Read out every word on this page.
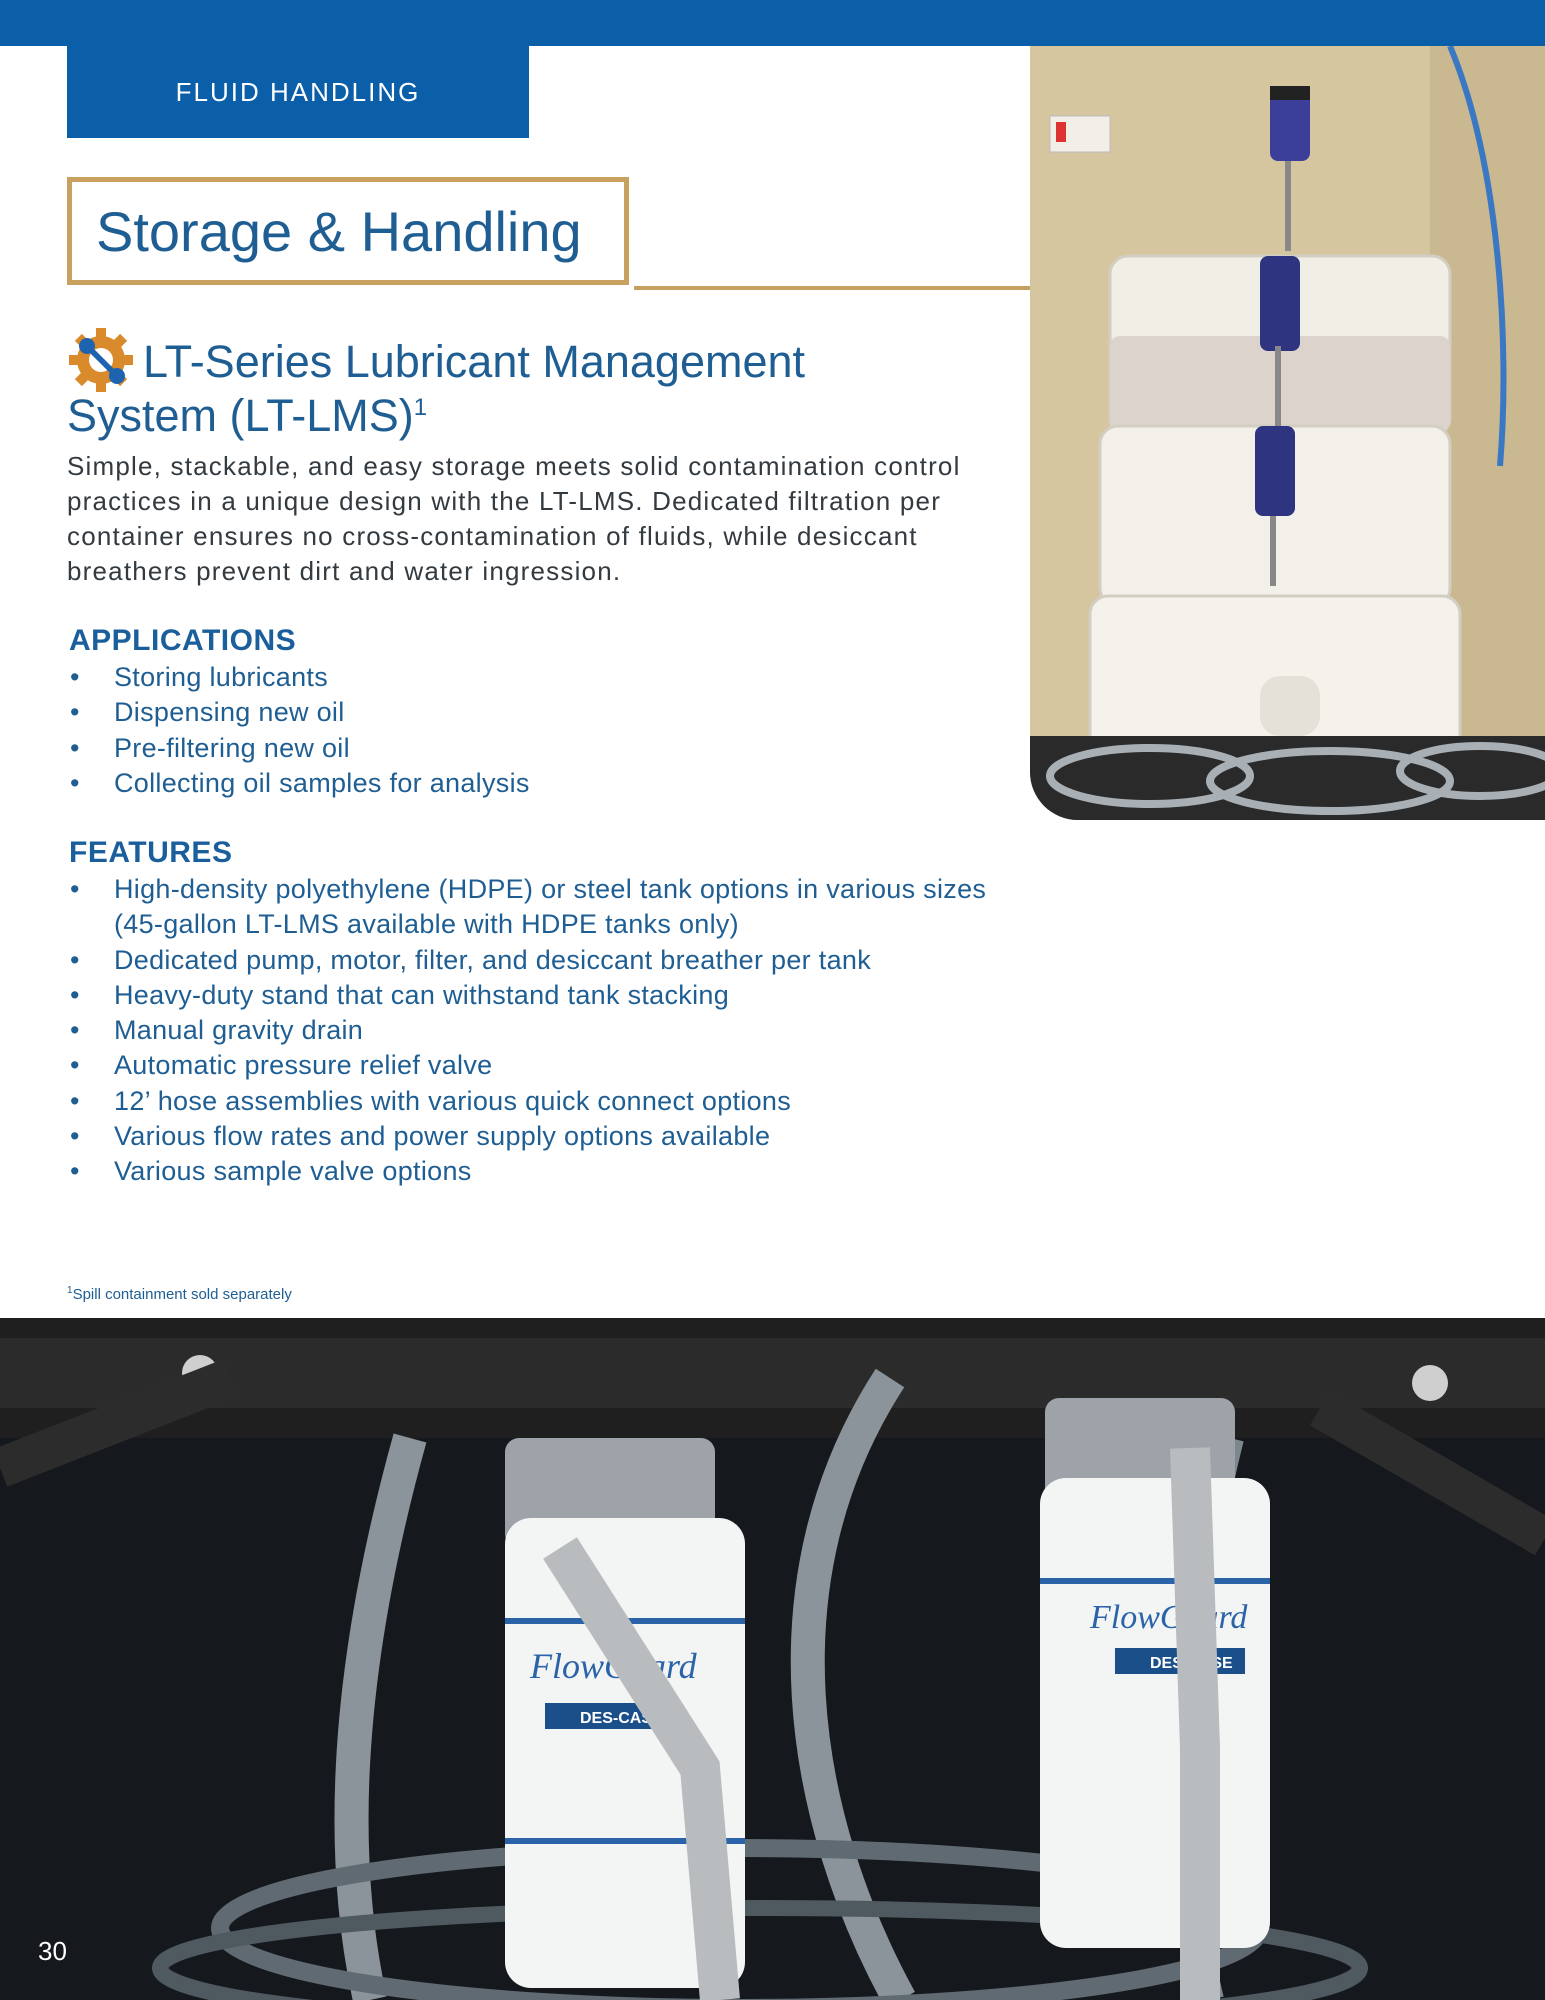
FLUID HANDLING
Storage & Handling
LT-Series Lubricant Management
System $(LT-LMS)^1$

Simple, stackable, and easy storage meets solid contamination control practices in a unique design with the LT-LMS. Dedicated filtration per container ensures no cross-contamination of fluids, while desiccant breathers prevent dirt and water ingression.

APPLICATIONS
• Storing lubricants
• Dispensing new oil
• Pre-filtering new oil
• Collecting oil samples for analysis
FEATURES
• High-density polyethylene (HDPE) or steel tank options in various sizes
(45-gallon LT-LMS available with HDPE tanks only)
• Dedicated pump, motor, filter, and desiccant breather per tank
• Heavy-duty stand that can withstand tank stacking
• Manual gravity drain
• Automatic pressure relief valve
• 12’ hose assemblies with various quick connect options
• Various flow rates and power supply options available
• Various sample valve options
$^1$Spill containment sold separately
FlowGuard
DES-CASE
FlowGuard
DES-CASE
30
